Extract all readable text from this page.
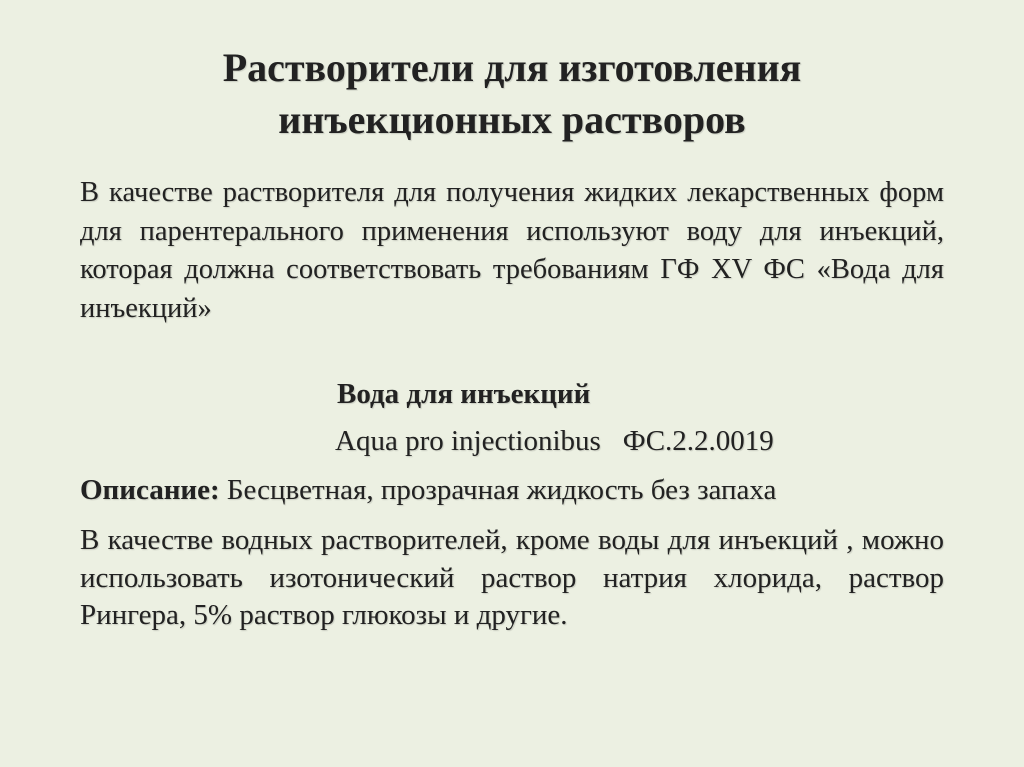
Растворители для изготовления
инъекционных растворов

В качестве растворителя для получения жидких лекарственных форм для парентерального применения используют воду для инъекций, которая должна соответствовать требованиям ГФ XV ФС «Вода для инъекций»

Вода для инъекций

Aqua pro injectionibus ФС.2.2.0019

Описание: Бесцветная, прозрачная жидкость без запаха

В качестве водных растворителей, кроме воды для инъекций , можно использовать изотонический раствор натрия хлорида, раствор Рингера, 5% раствор глюкозы и другие.
